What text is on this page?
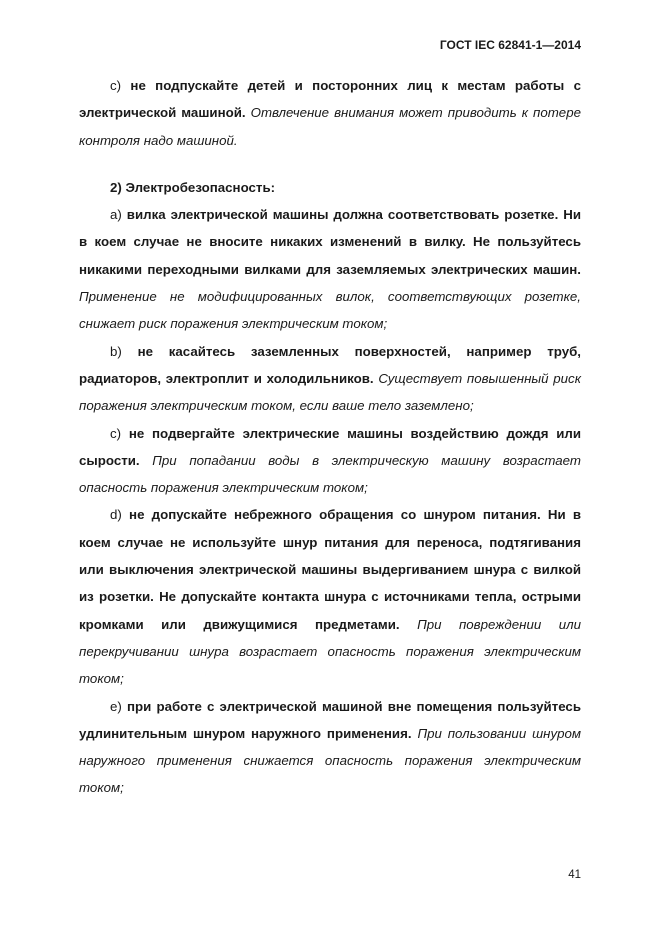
ГОСТ IEC 62841-1—2014

c) не подпускайте детей и посторонних лиц к местам работы с электрической машиной. Отвлечение внимания может приводить к потере контроля надо машиной.

2) Электробезопасность:

a) вилка электрической машины должна соответствовать розетке. Ни в коем случае не вносите никаких изменений в вилку. Не пользуйтесь никакими переходными вилками для заземляемых электрических машин. Применение не модифицированных вилок, соответствующих розетке, снижает риск поражения электрическим током;

b) не касайтесь заземленных поверхностей, например труб, радиаторов, электроплит и холодильников. Существует повышенный риск поражения электрическим током, если ваше тело заземлено;

c) не подвергайте электрические машины воздействию дождя или сырости. При попадании воды в электрическую машину возрастает опасность поражения электрическим током;

d) не допускайте небрежного обращения со шнуром питания. Ни в коем случае не используйте шнур питания для переноса, подтягивания или выключения электрической машины выдергиванием шнура с вилкой из розетки. Не допускайте контакта шнура с источниками тепла, острыми кромками или движущимися предметами. При повреждении или перекручивании шнура возрастает опасность поражения электрическим током;

e) при работе с электрической машиной вне помещения пользуйтесь удлинительным шнуром наружного применения. При пользовании шнуром наружного применения снижается опасность поражения электрическим током;

41
